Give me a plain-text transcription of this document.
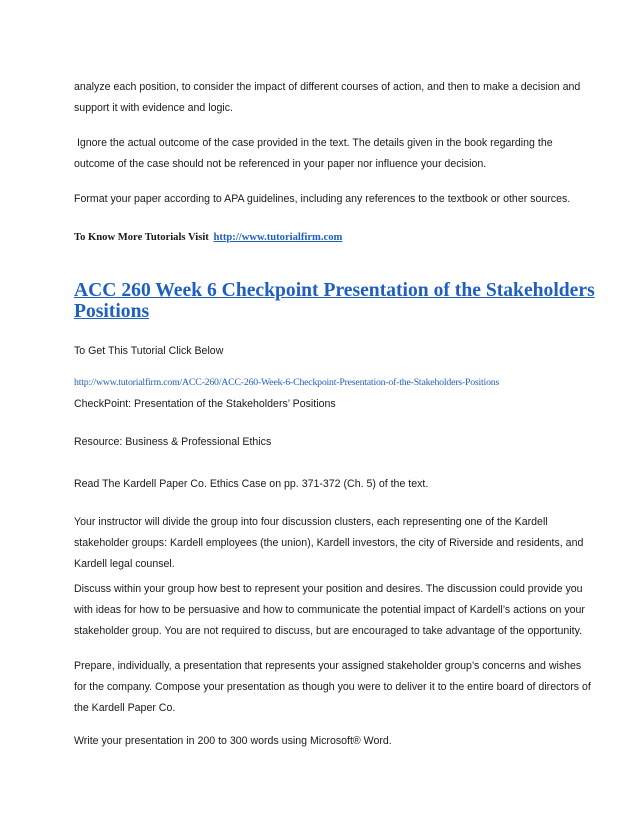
analyze each position, to consider the impact of different courses of action, and then to make a decision and
support it with evidence and logic.

Ignore the actual outcome of the case provided in the text. The details given in the book regarding the
outcome of the case should not be referenced in your paper nor influence your decision.

Format your paper according to APA guidelines, including any references to the textbook or other sources.

To Know More Tutorials Visit http://www.tutorialfirm.com
ACC 260 Week 6 Checkpoint Presentation of the Stakeholders
Positions

To Get This Tutorial Click Below

http://www.tutorialfirm.com/ACC-260/ACC-260-Week-6-Checkpoint-Presentation-of-the-Stakeholders-Positions

CheckPoint: Presentation of the Stakeholders’ Positions

Resource: Business & Professional Ethics

Read The Kardell Paper Co. Ethics Case on pp. 371-372 (Ch. 5) of the text.

Your instructor will divide the group into four discussion clusters, each representing one of the Kardell
stakeholder groups: Kardell employees (the union), Kardell investors, the city of Riverside and residents, and
Kardell legal counsel.

Discuss within your group how best to represent your position and desires. The discussion could provide you
with ideas for how to be persuasive and how to communicate the potential impact of Kardell’s actions on your
stakeholder group. You are not required to discuss, but are encouraged to take advantage of the opportunity.

Prepare, individually, a presentation that represents your assigned stakeholder group’s concerns and wishes
for the company. Compose your presentation as though you were to deliver it to the entire board of directors of
the Kardell Paper Co.

Write your presentation in 200 to 300 words using Microsoft® Word.
